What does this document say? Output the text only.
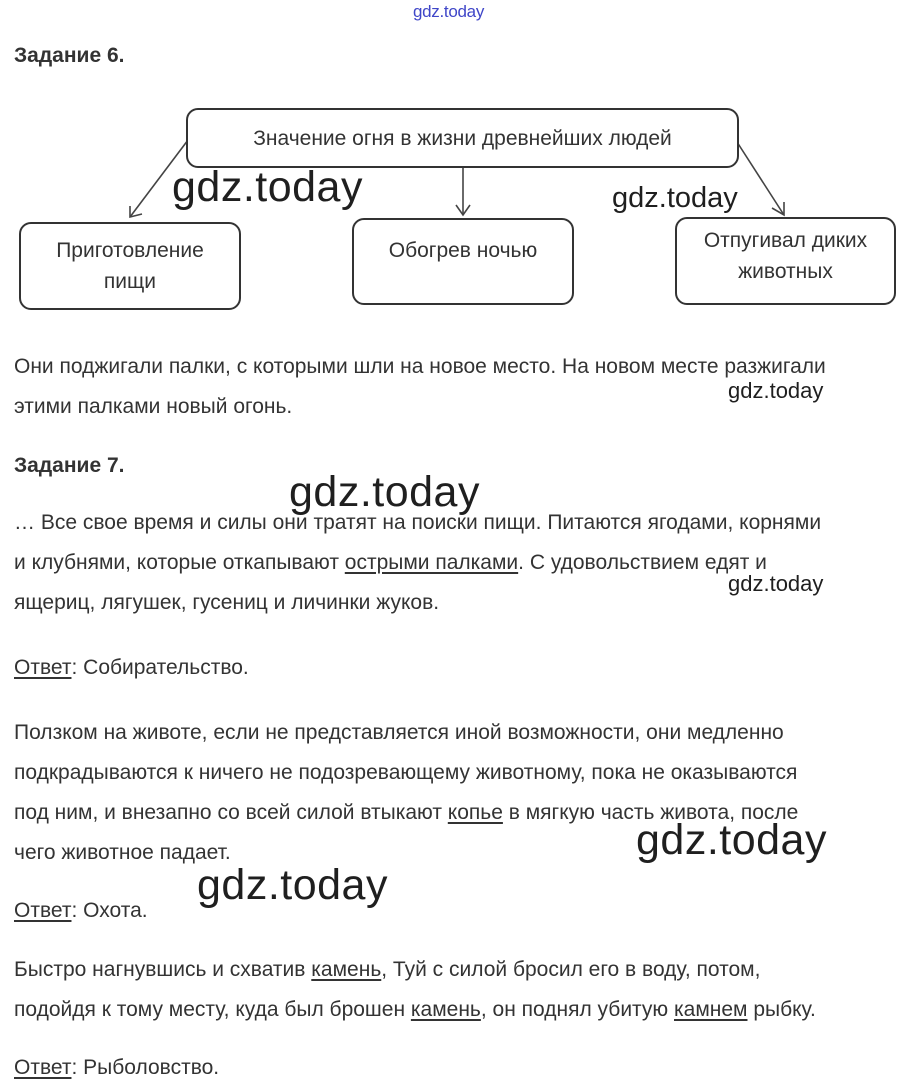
gdz.today
Задание 6.
Значение огня в жизни древнейших людей
Приготовление
пищи
Обогрев ночью	Отпугивал диких
животных

Они поджигали палки, с которыми шли на новое место. На новом месте разжигали

этими палками новый огонь.

Задание 7.

… Все свое время и силы они тратят на поиски пищи. Питаются ягодами, корнями

и клубнями, которые откапывают острыми палками. С удовольствием едят и

ящериц, лягушек, гусениц и личинки жуков.

Ответ: Собирательство.

Ползком на животе, если не представляется иной возможности, они медленно

подкрадываются к ничего не подозревающему животному, пока не оказываются

под ним, и внезапно со всей силой втыкают копье в мягкую часть живота, после

чего животное падает.

Ответ: Охота.

Быстро нагнувшись и схватив камень, Туй с силой бросил его в воду, потом,

подойдя к тому месту, куда был брошен камень, он поднял убитую камнем рыбку.

Ответ: Рыболовство.

gdz.today	gdz.today
gdz.today
gdz.today
gdz.today
gdz.today
gdz.today
